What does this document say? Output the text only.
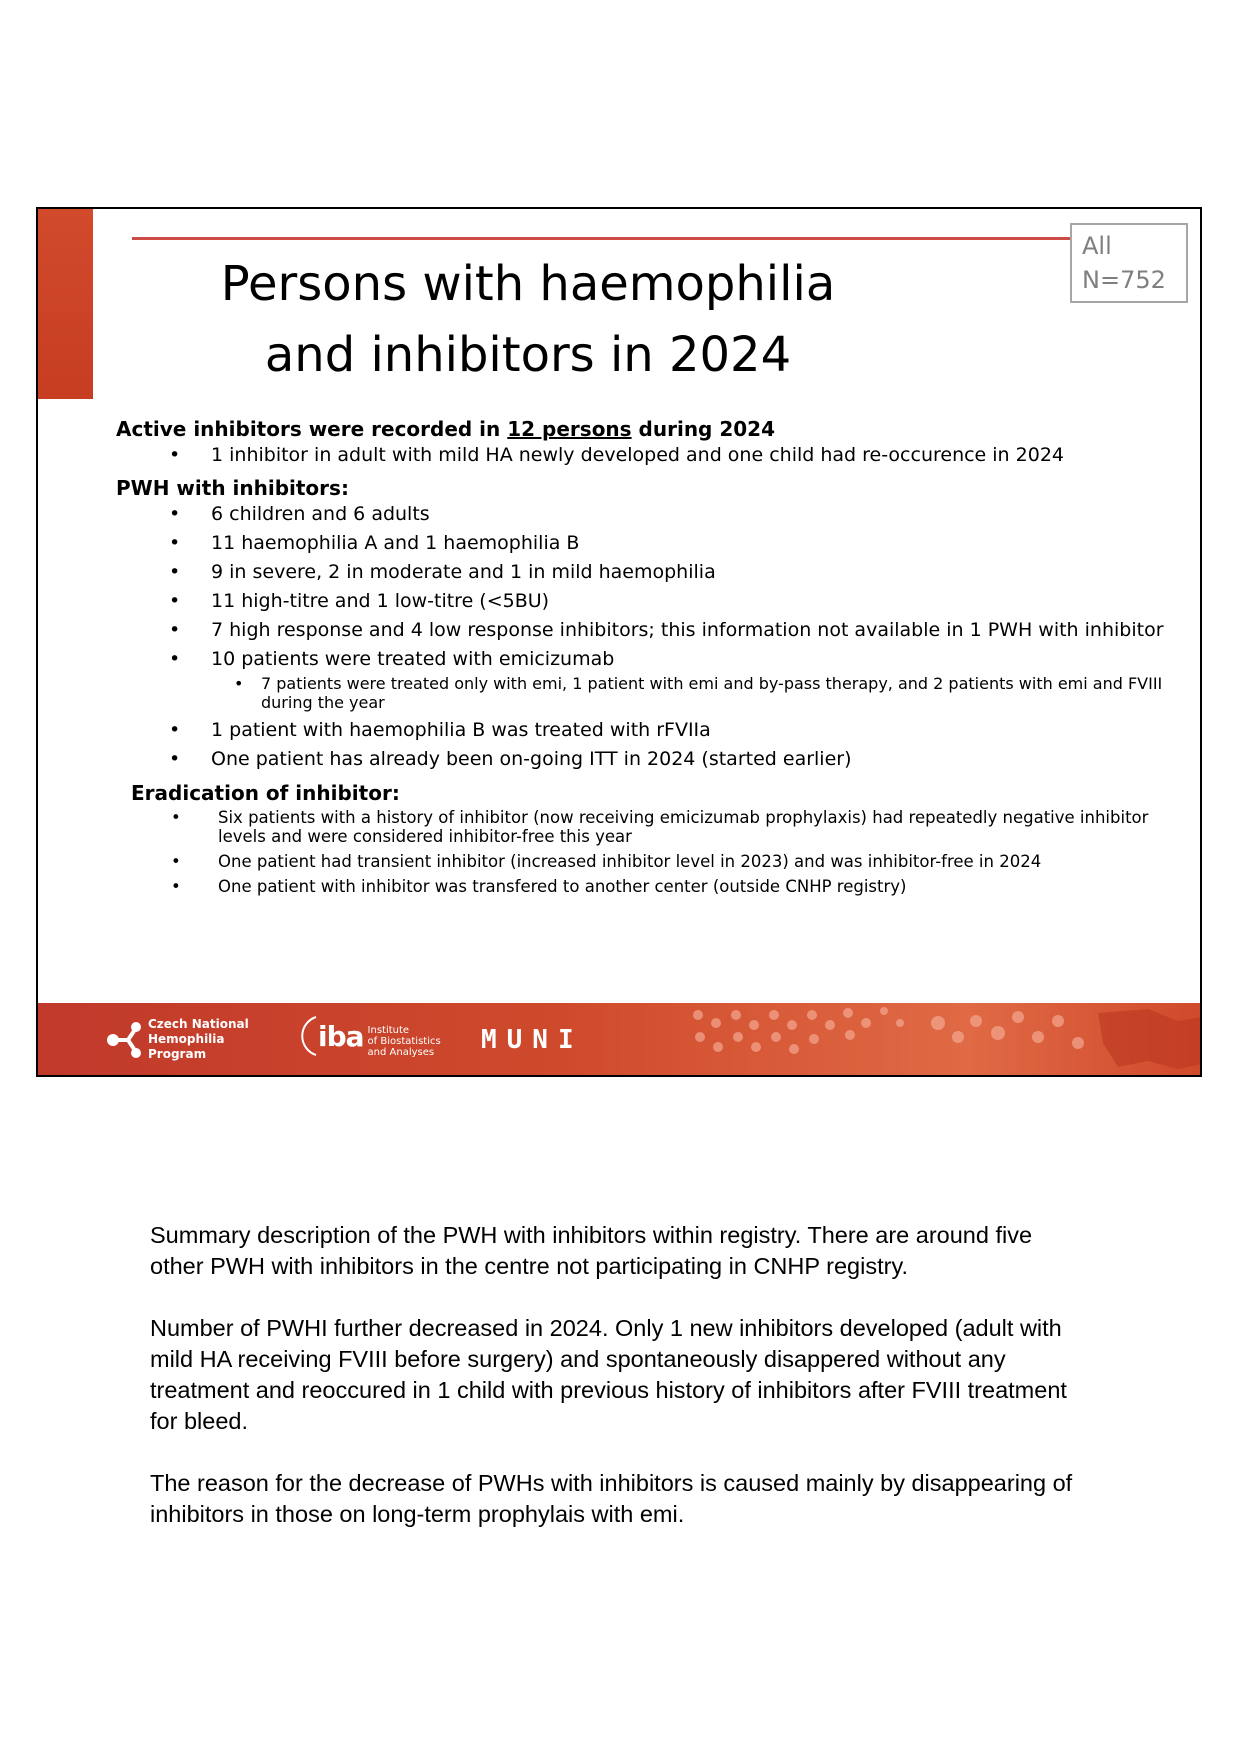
All
N=752
Persons with haemophilia
and inhibitors in 2024
Active inhibitors were recorded in 12 persons during 2024
• 1 inhibitor in adult with mild HA newly developed and one child had re-occurence in 2024
PWH with inhibitors:
• 6 children and 6 adults
• 11 haemophilia A and 1 haemophilia B
• 9 in severe, 2 in moderate and 1 in mild haemophilia
• 11 high-titre and 1 low-titre (<5BU)
• 7 high response and 4 low response inhibitors; this information not available in 1 PWH with inhibitor
• 10 patients were treated with emicizumab
• 7 patients were treated only with emi, 1 patient with emi and by-pass therapy, and 2 patients with emi and FVIII during the year
• 1 patient with haemophilia B was treated with rFVIIa
• One patient has already been on-going ITT in 2024 (started earlier)
Eradication of inhibitor:
• Six patients with a history of inhibitor (now receiving emicizumab prophylaxis) had repeatedly negative inhibitor levels and were considered inhibitor-free this year
• One patient had transient inhibitor (increased inhibitor level in 2023) and was inhibitor-free in 2024
• One patient with inhibitor was transfered to another center (outside CNHP registry)
Czech National
Hemophilia
Program
iba Institute
of Biostatistics
and Analyses MUNI

Summary description of the PWH with inhibitors within registry. There are around five other PWH with inhibitors in the centre not participating in CNHP registry.

Number of PWHI further decreased in 2024. Only 1 new inhibitors developed (adult with mild HA receiving FVIII before surgery) and spontaneously disappered without any treatment and reoccured in 1 child with previous history of inhibitors after FVIII treatment for bleed.

The reason for the decrease of PWHs with inhibitors is caused mainly by disappearing of inhibitors in those on long-term prophylais with emi.
